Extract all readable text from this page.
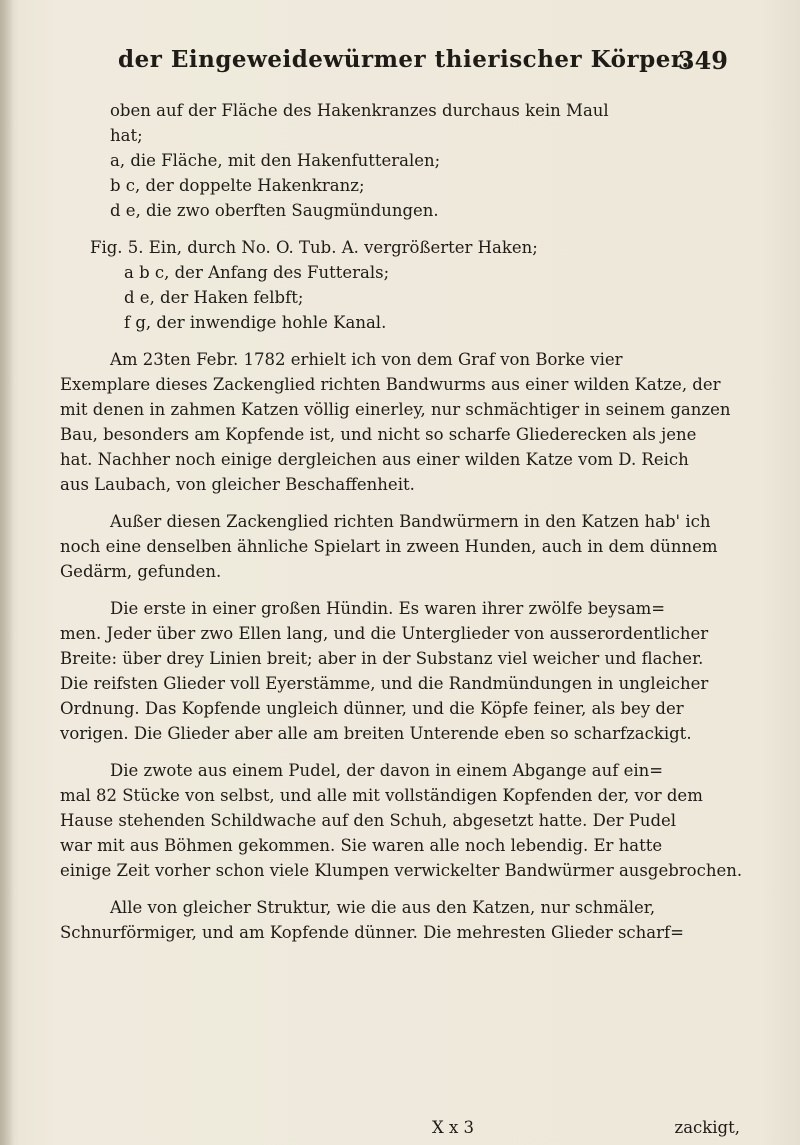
der Eingeweidewürmer thierischer Körper.
349
oben auf der Fläche des Hakenkranzes durchaus kein Maul
hat;
a, die Fläche, mit den Hakenfutteralen;
b c, der doppelte Hakenkranz;
d e, die zwo oberften Saugmündungen.
Fig. 5. Ein, durch No. O. Tub. A. vergrößerter Haken;
a b c, der Anfang des Futterals;
d e, der Haken felbft;
f g, der inwendige hohle Kanal.
Am 23ten Febr. 1782 erhielt ich von dem Graf von Borke vier
Exemplare dieses Zackenglied richten Bandwurms aus einer wilden Katze, der
mit denen in zahmen Katzen völlig einerley, nur schmächtiger in seinem ganzen
Bau, besonders am Kopfende ist, und nicht so scharfe Gliederecken als jene
hat. Nachher noch einige dergleichen aus einer wilden Katze vom D. Reich
aus Laubach, von gleicher Beschaffenheit.
Außer diesen Zackenglied richten Bandwürmern in den Katzen hab' ich
noch eine denselben ähnliche Spielart in zween Hunden, auch in dem dünnem
Gedärm, gefunden.
Die erste in einer großen Hündin. Es waren ihrer zwölfe beysam=
men. Jeder über zwo Ellen lang, und die Unterglieder von ausserordentlicher
Breite: über drey Linien breit; aber in der Substanz viel weicher und flacher.
Die reifsten Glieder voll Eyerstämme, und die Randmündungen in ungleicher
Ordnung. Das Kopfende ungleich dünner, und die Köpfe feiner, als bey der
vorigen. Die Glieder aber alle am breiten Unterende eben so scharfzackigt.
Die zwote aus einem Pudel, der davon in einem Abgange auf ein=
mal 82 Stücke von selbst, und alle mit vollständigen Kopfenden der, vor dem
Hause stehenden Schildwache auf den Schuh, abgesetzt hatte. Der Pudel
war mit aus Böhmen gekommen. Sie waren alle noch lebendig. Er hatte
einige Zeit vorher schon viele Klumpen verwickelter Bandwürmer ausgebrochen.
Alle von gleicher Struktur, wie die aus den Katzen, nur schmäler,
Schnurförmiger, und am Kopfende dünner. Die mehresten Glieder scharf=
X x 3	zackigt,
